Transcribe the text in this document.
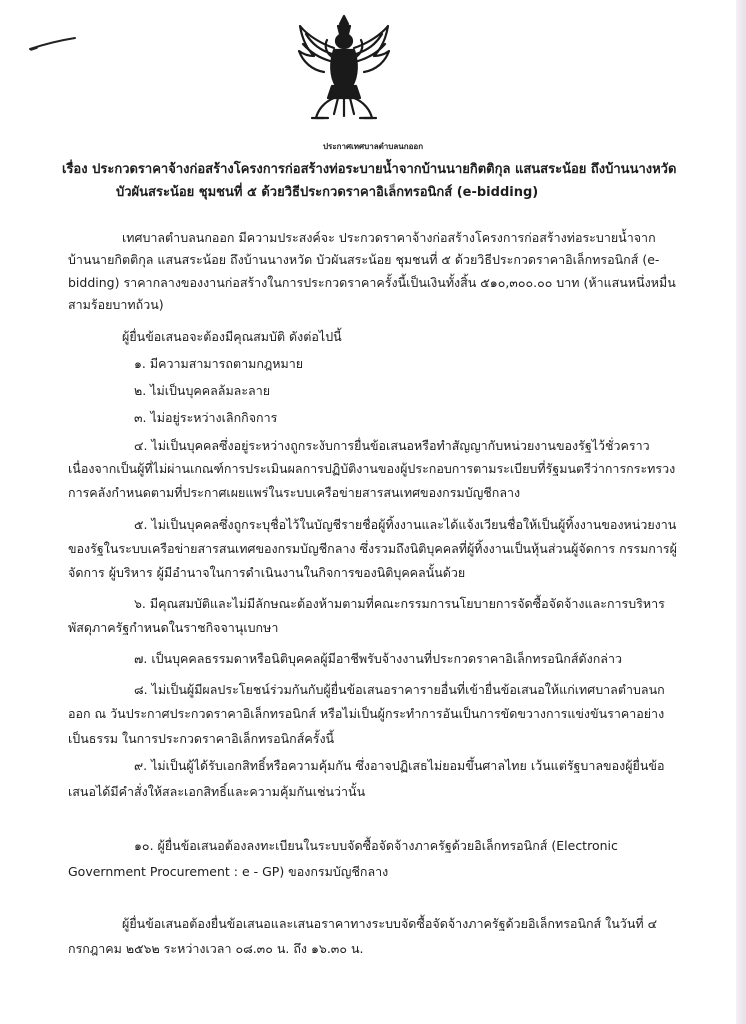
ประกาศเทศบาลตำบลนกออก
เรื่อง ประกวดราคาจ้างก่อสร้างโครงการก่อสร้างท่อระบายน้ำจากบ้านนายกิตติกุล แสนสระน้อย ถึงบ้านนางหวัด
บัวผันสระน้อย ชุมชนที่ ๕ ด้วยวิธีประกวดราคาอิเล็กทรอนิกส์ (e-bidding)
เทศบาลตำบลนกออก มีความประสงค์จะ ประกวดราคาจ้างก่อสร้างโครงการก่อสร้างท่อระบายน้ำจาก
บ้านนายกิตติกุล แสนสระน้อย ถึงบ้านนางหวัด บัวผันสระน้อย ชุมชนที่ ๕ ด้วยวิธีประกวดราคาอิเล็กทรอนิกส์ (e-
bidding) ราคากลางของงานก่อสร้างในการประกวดราคาครั้งนี้เป็นเงินทั้งสิ้น ๕๑๐,๓๐๐.๐๐ บาท (ห้าแสนหนึ่งหมื่น
สามร้อยบาทถ้วน)
ผู้ยื่นข้อเสนอจะต้องมีคุณสมบัติ ดังต่อไปนี้
๑. มีความสามารถตามกฎหมาย
๒. ไม่เป็นบุคคลล้มละลาย
๓. ไม่อยู่ระหว่างเลิกกิจการ
๔. ไม่เป็นบุคคลซึ่งอยู่ระหว่างถูกระงับการยื่นข้อเสนอหรือทำสัญญากับหน่วยงานของรัฐไว้ชั่วคราว
เนื่องจากเป็นผู้ที่ไม่ผ่านเกณฑ์การประเมินผลการปฏิบัติงานของผู้ประกอบการตามระเบียบที่รัฐมนตรีว่าการกระทรวง
การคลังกำหนดตามที่ประกาศเผยแพร่ในระบบเครือข่ายสารสนเทศของกรมบัญชีกลาง
๕. ไม่เป็นบุคคลซึ่งถูกระบุชื่อไว้ในบัญชีรายชื่อผู้ทิ้งงานและได้แจ้งเวียนชื่อให้เป็นผู้ทิ้งงานของหน่วยงาน
ของรัฐในระบบเครือข่ายสารสนเทศของกรมบัญชีกลาง ซึ่งรวมถึงนิติบุคคลที่ผู้ทิ้งงานเป็นหุ้นส่วนผู้จัดการ กรรมการผู้
จัดการ ผู้บริหาร ผู้มีอำนาจในการดำเนินงานในกิจการของนิติบุคคลนั้นด้วย
๖. มีคุณสมบัติและไม่มีลักษณะต้องห้ามตามที่คณะกรรมการนโยบายการจัดซื้อจัดจ้างและการบริหาร
พัสดุภาครัฐกำหนดในราชกิจจานุเบกษา
๗. เป็นบุคคลธรรมดาหรือนิติบุคคลผู้มีอาชีพรับจ้างงานที่ประกวดราคาอิเล็กทรอนิกส์ดังกล่าว
๘. ไม่เป็นผู้มีผลประโยชน์ร่วมกันกับผู้ยื่นข้อเสนอราคารายอื่นที่เข้ายื่นข้อเสนอให้แก่เทศบาลตำบลนก
ออก ณ วันประกาศประกวดราคาอิเล็กทรอนิกส์ หรือไม่เป็นผู้กระทำการอันเป็นการขัดขวางการแข่งขันราคาอย่าง
เป็นธรรม ในการประกวดราคาอิเล็กทรอนิกส์ครั้งนี้
๙. ไม่เป็นผู้ได้รับเอกสิทธิ์หรือความคุ้มกัน ซึ่งอาจปฏิเสธไม่ยอมขึ้นศาลไทย เว้นแต่รัฐบาลของผู้ยื่นข้อ
เสนอได้มีคำสั่งให้สละเอกสิทธิ์และความคุ้มกันเช่นว่านั้น
๑๐. ผู้ยื่นข้อเสนอต้องลงทะเบียนในระบบจัดซื้อจัดจ้างภาครัฐด้วยอิเล็กทรอนิกส์ (Electronic
Government Procurement : e - GP) ของกรมบัญชีกลาง
ผู้ยื่นข้อเสนอต้องยื่นข้อเสนอและเสนอราคาทางระบบจัดซื้อจัดจ้างภาครัฐด้วยอิเล็กทรอนิกส์ ในวันที่ ๔
กรกฎาคม ๒๕๖๒ ระหว่างเวลา ๐๘.๓๐ น. ถึง ๑๖.๓๐ น.
